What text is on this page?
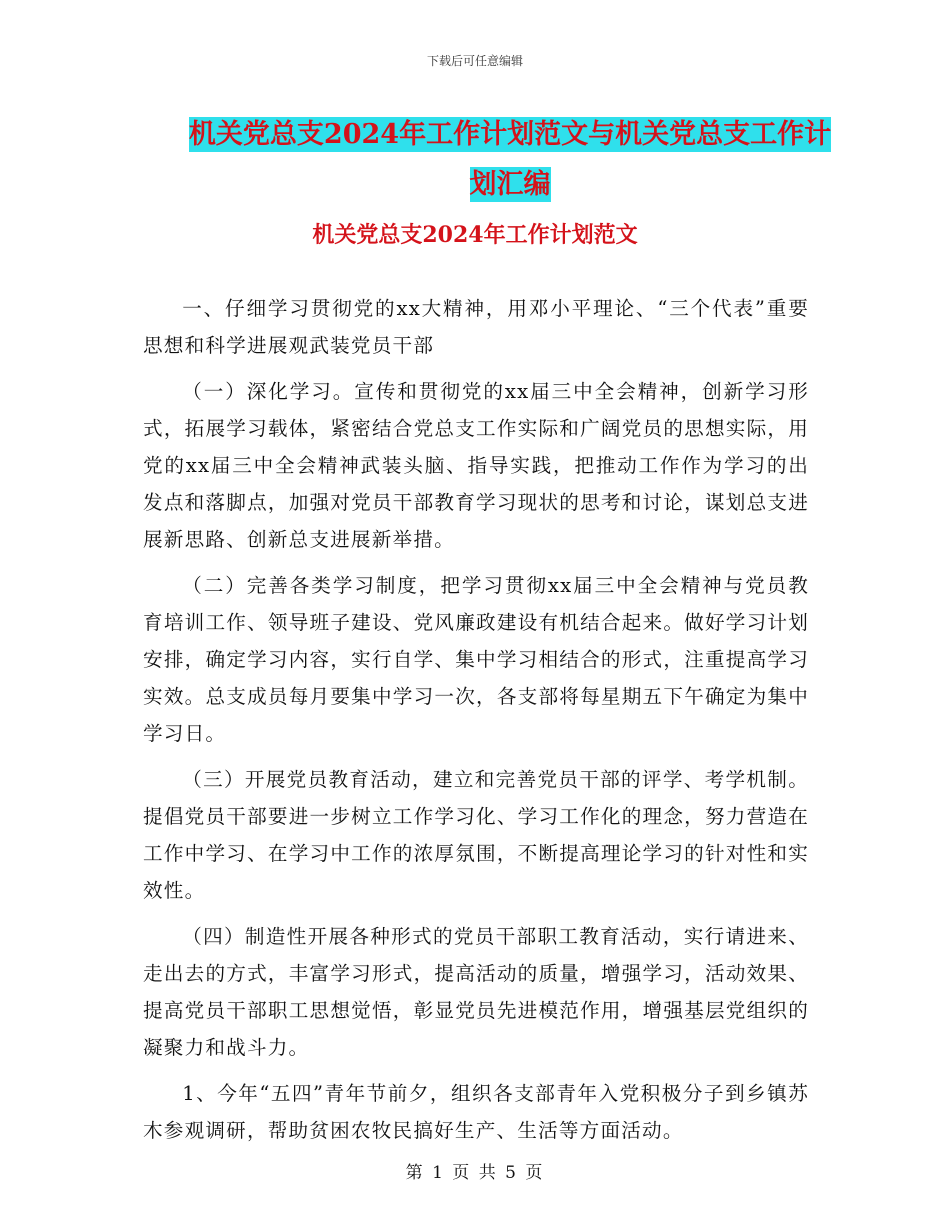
下载后可任意编辑
机关党总支2024年工作计划范文与机关党总支工作计
划汇编
机关党总支2024年工作计划范文

一、仔细学习贯彻党的xx大精神，用邓小平理论、“三个代表”重要思想和科学进展观武装党员干部

（一）深化学习。宣传和贯彻党的xx届三中全会精神，创新学习形式，拓展学习载体，紧密结合党总支工作实际和广阔党员的思想实际，用党的xx届三中全会精神武装头脑、指导实践，把推动工作作为学习的出发点和落脚点，加强对党员干部教育学习现状的思考和讨论，谋划总支进展新思路、创新总支进展新举措。

（二）完善各类学习制度，把学习贯彻xx届三中全会精神与党员教育培训工作、领导班子建设、党风廉政建设有机结合起来。做好学习计划安排，确定学习内容，实行自学、集中学习相结合的形式，注重提高学习实效。总支成员每月要集中学习一次，各支部将每星期五下午确定为集中学习日。

（三）开展党员教育活动，建立和完善党员干部的评学、考学机制。提倡党员干部要进一步树立工作学习化、学习工作化的理念，努力营造在工作中学习、在学习中工作的浓厚氛围，不断提高理论学习的针对性和实效性。

（四）制造性开展各种形式的党员干部职工教育活动，实行请进来、走出去的方式，丰富学习形式，提高活动的质量，增强学习，活动效果、提高党员干部职工思想觉悟，彰显党员先进模范作用，增强基层党组织的凝聚力和战斗力。

1、今年“五四”青年节前夕，组织各支部青年入党积极分子到乡镇苏木参观调研，帮助贫困农牧民搞好生产、生活等方面活动。

第 1 页 共 5 页
